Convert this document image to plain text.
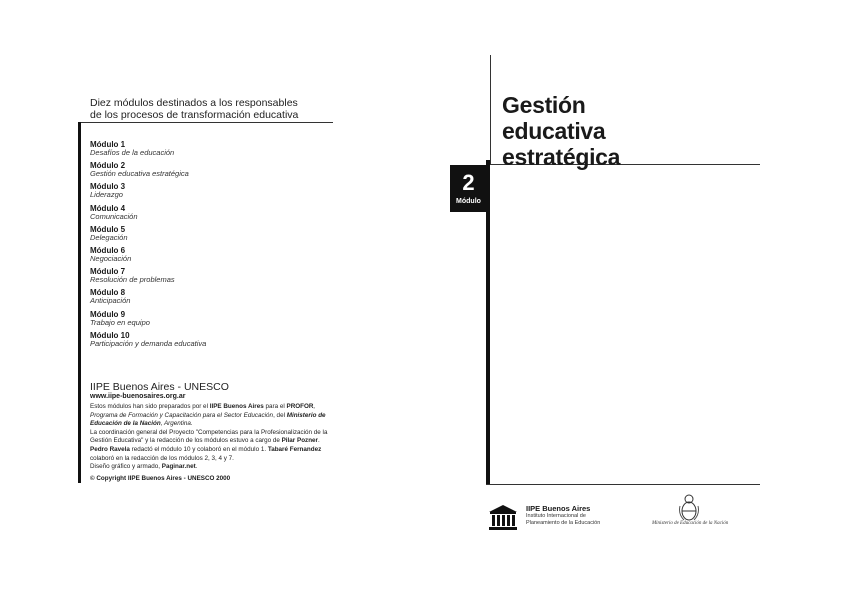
Diez módulos destinados a los responsables
de los procesos de transformación educativa
Módulo 1
Desafíos de la educación
Módulo 2
Gestión educativa estratégica
Módulo 3
Liderazgo
Módulo 4
Comunicación
Módulo 5
Delegación
Módulo 6
Negociación
Módulo 7
Resolución de problemas
Módulo 8
Anticipación
Módulo 9
Trabajo en equipo
Módulo 10
Participación y demanda educativa
IIPE Buenos Aires - UNESCO
www.iipe-buenosaires.org.ar
Estos módulos han sido preparados por el IIPE Buenos Aires para el PROFOR, Programa de Formación y Capacitación para el Sector Educación, del Ministerio de Educación de la Nación, Argentina.
La coordinación general del Proyecto "Competencias para la Profesionalización de la Gestión Educativa" y la redacción de los módulos estuvo a cargo de Pilar Pozner. Pedro Ravela redactó el módulo 10 y colaboró en el módulo 1. Tabaré Fernandez colaboró en la redacción de los módulos 2, 3, 4 y 7.
Diseño gráfico y armado, Paginar.net.
© Copyright IIPE Buenos Aires - UNESCO 2000
Gestión
educativa
estratégica
2
Módulo
IIPE Buenos Aires
Instituto Internacional de
Planeamiento de la Educación	Ministerio de Educación de la Nación
